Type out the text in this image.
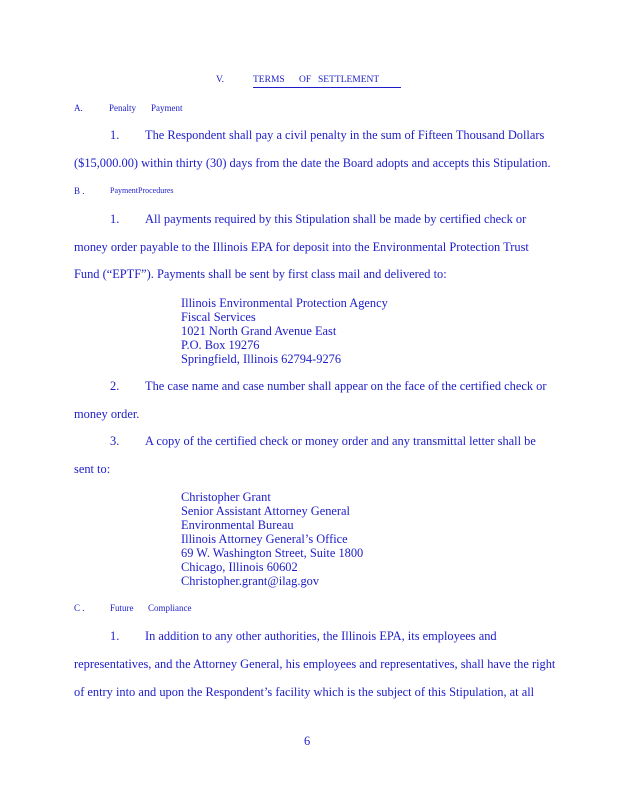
V.	TERMS OF SETTLEMENT
A.	Penalty Payment
1. The Respondent shall pay a civil penalty in the sum of Fifteen Thousand Dollars
($15,000.00) within thirty (30) days from the date the Board adopts and accepts this Stipulation.
B .	PaymentProcedures
1. All payments required by this Stipulation shall be made by certified check or
money order payable to the Illinois EPA for deposit into the Environmental Protection Trust
Fund (“EPTF”). Payments shall be sent by first class mail and delivered to:
Illinois Environmental Protection Agency
Fiscal Services
1021 North Grand Avenue East
P.O. Box 19276
Springfield, Illinois 62794-9276
2. The case name and case number shall appear on the face of the certified check or
money order.
3. A copy of the certified check or money order and any transmittal letter shall be
sent to:
Christopher Grant
Senior Assistant Attorney General
Environmental Bureau
Illinois Attorney General’s Office
69 W. Washington Street, Suite 1800
Chicago, Illinois 60602
Christopher.grant@ilag.gov
C .	Future Compliance
1. In addition to any other authorities, the Illinois EPA, its employees and
representatives, and the Attorney General, his employees and representatives, shall have the right
of entry into and upon the Respondent’s facility which is the subject of this Stipulation, at all
6
